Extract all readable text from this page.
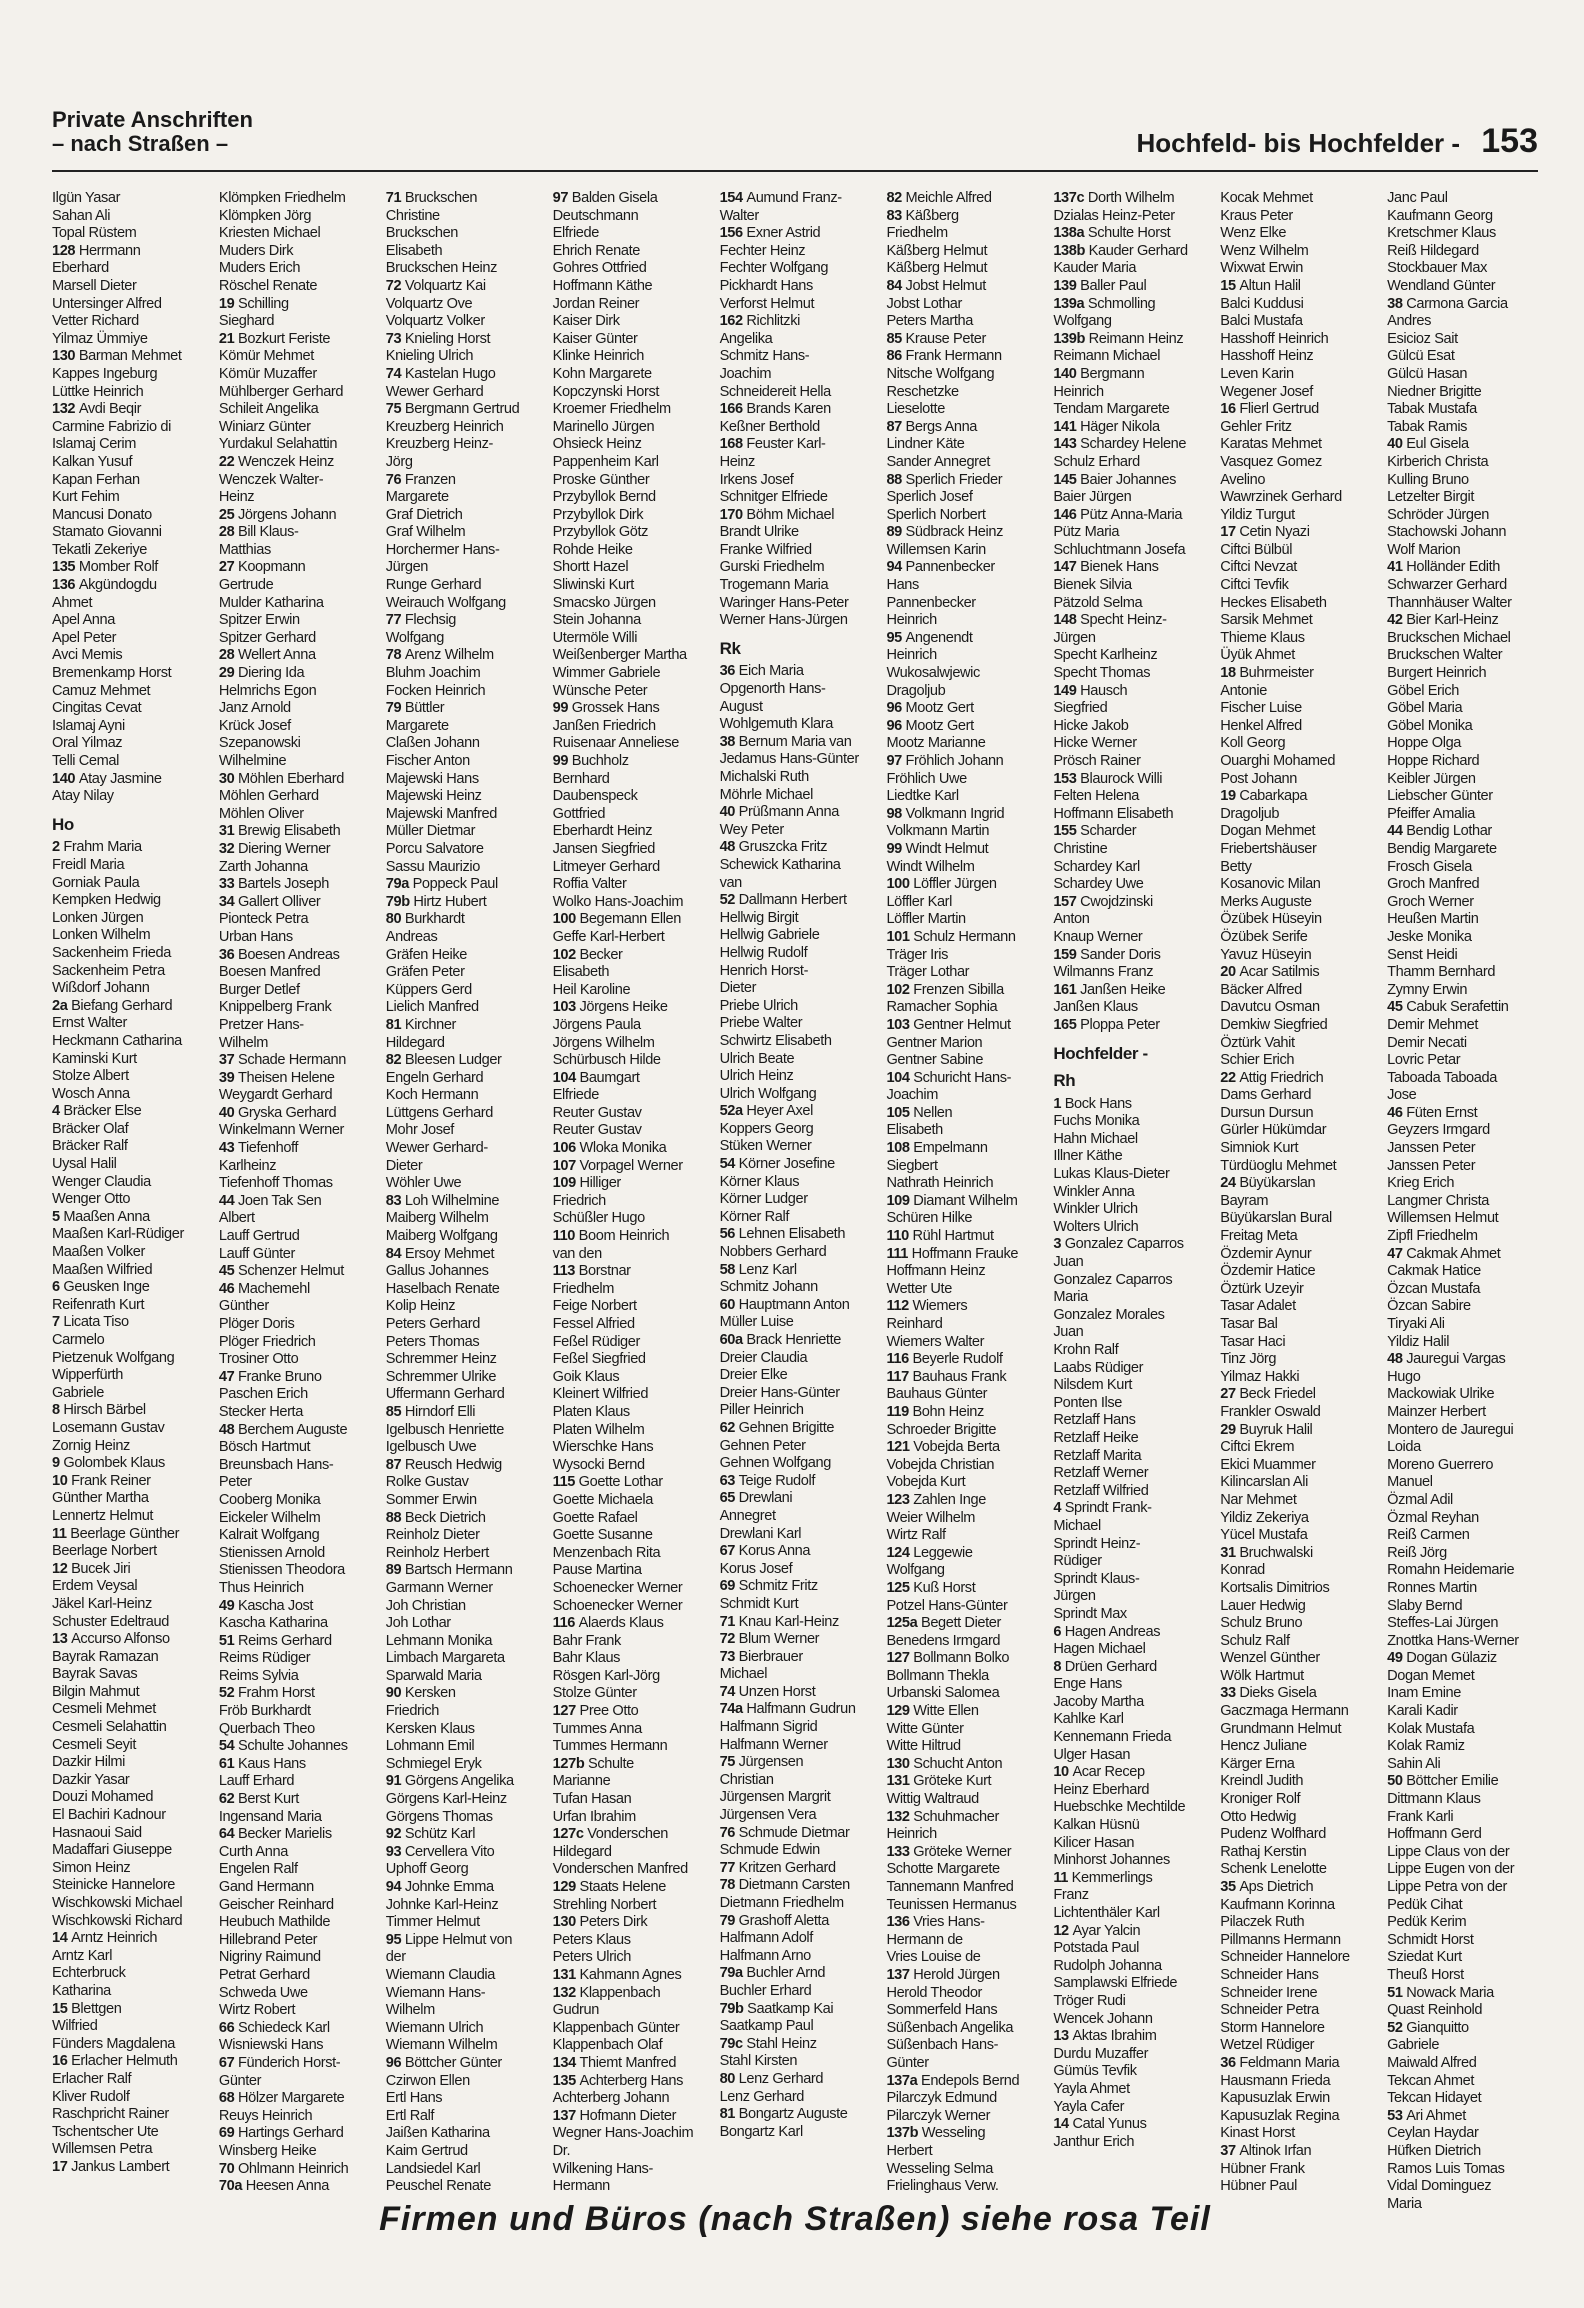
Private Anschriften
– nach Straßen –	Hochfeld- bis Hochfelder - 153
Ilgün Yasar
Sahan Ali
Topal Rüstem
128 Herrmann
Eberhard
Marsell Dieter
Untersinger Alfred
Vetter Richard
Yilmaz Ümmiye
130 Barman Mehmet
Kappes Ingeburg
Lüttke Heinrich
132 Avdi Beqir
Carmine Fabrizio di
Islamaj Cerim
Kalkan Yusuf
Kapan Ferhan
Kurt Fehim
Mancusi Donato
Stamato Giovanni
Tekatli Zekeriye
135 Momber Rolf
136 Akgündogdu
Ahmet
Apel Anna
Apel Peter
Avci Memis
Bremenkamp Horst
Camuz Mehmet
Cingitas Cevat
Islamaj Ayni
Oral Yilmaz
Telli Cemal
140 Atay Jasmine
Atay Nilay
Ho
2 Frahm Maria
Freidl Maria
Gorniak Paula
Kempken Hedwig
Lonken Jürgen
Lonken Wilhelm
Sackenheim Frieda
Sackenheim Petra
Wißdorf Johann
2a Biefang Gerhard
Ernst Walter
Heckmann Catharina
Kaminski Kurt
Stolze Albert
Wosch Anna
4 Bräcker Else
Bräcker Olaf
Bräcker Ralf
Uysal Halil
Wenger Claudia
Wenger Otto
5 Maaßen Anna
Maaßen Karl-Rüdiger
Maaßen Volker
Maaßen Wilfried
6 Geusken Inge
Reifenrath Kurt
7 Licata Tiso
Carmelo
Pietzenuk Wolfgang
Wipperfürth
Gabriele
8 Hirsch Bärbel
Losemann Gustav
Zornig Heinz
9 Golombek Klaus
10 Frank Reiner
Günther Martha
Lennertz Helmut
11 Beerlage Günther
Beerlage Norbert
12 Bucek Jiri
Erdem Veysal
Jäkel Karl-Heinz
Schuster Edeltraud
13 Accurso Alfonso
Bayrak Ramazan
Bayrak Savas
Bilgin Mahmut
Cesmeli Mehmet
Cesmeli Selahattin
Cesmeli Seyit
Dazkir Hilmi
Dazkir Yasar
Douzi Mohamed
El Bachiri Kadnour
Hasnaoui Said
Madaffari Giuseppe
Simon Heinz
Steinicke Hannelore
Wischkowski Michael
Wischkowski Richard
14 Arntz Heinrich
Arntz Karl
Echterbruck
Katharina
15 Blettgen
Wilfried
Fünders Magdalena
16 Erlacher Helmuth
Erlacher Ralf
Kliver Rudolf
Raschpricht Rainer
Tschentscher Ute
Willemsen Petra
17 Jankus Lambert
Klömpken Friedhelm
Klömpken Jörg
Kriesten Michael
Muders Dirk
Muders Erich
Röschel Renate
19 Schilling
Sieghard
21 Bozkurt Feriste
Kömür Mehmet
Kömür Muzaffer
Mühlberger Gerhard
Schileit Angelika
Winiarz Günter
Yurdakul Selahattin
22 Wenczek Heinz
Wenczek Walter-
Heinz
25 Jörgens Johann
28 Bill Klaus-
Matthias
27 Koopmann
Gertrude
Mulder Katharina
Spitzer Erwin
Spitzer Gerhard
28 Wellert Anna
29 Diering Ida
Helmrichs Egon
Janz Arnold
Krück Josef
Szepanowski
Wilhelmine
30 Möhlen Eberhard
Möhlen Gerhard
Möhlen Oliver
31 Brewig Elisabeth
32 Diering Werner
Zarth Johanna
33 Bartels Joseph
34 Gallert Olliver
Pionteck Petra
Urban Hans
36 Boesen Andreas
Boesen Manfred
Burger Detlef
Knippelberg Frank
Pretzer Hans-
Wilhelm
37 Schade Hermann
39 Theisen Helene
Weygardt Gerhard
40 Gryska Gerhard
Winkelmann Werner
43 Tiefenhoff
Karlheinz
Tiefenhoff Thomas
44 Joen Tak Sen
Albert
Lauff Gertrud
Lauff Günter
45 Schenzer Helmut
46 Machemehl
Günther
Plöger Doris
Plöger Friedrich
Trosiner Otto
47 Franke Bruno
Paschen Erich
Stecker Herta
48 Berchem Auguste
Bösch Hartmut
Breunsbach Hans-
Peter
Cooberg Monika
Eickeler Wilhelm
Kalrait Wolfgang
Stienissen Arnold
Stienissen Theodora
Thus Heinrich
49 Kascha Jost
Kascha Katharina
51 Reims Gerhard
Reims Rüdiger
Reims Sylvia
52 Frahm Horst
Fröb Burkhardt
Querbach Theo
54 Schulte Johannes
61 Kaus Hans
Lauff Erhard
62 Berst Kurt
Ingensand Maria
64 Becker Marielis
Curth Anna
Engelen Ralf
Gand Hermann
Geischer Reinhard
Heubuch Mathilde
Hillebrand Peter
Nigriny Raimund
Petrat Gerhard
Schweda Uwe
Wirtz Robert
66 Schiedeck Karl
Wisniewski Hans
67 Fünderich Horst-
Günter
68 Hölzer Margarete
Reuys Heinrich
69 Hartings Gerhard
Winsberg Heike
70 Ohlmann Heinrich
70a Heesen Anna
71 Bruckschen
Christine
Bruckschen
Elisabeth
Bruckschen Heinz
72 Volquartz Kai
Volquartz Ove
Volquartz Volker
73 Knieling Horst
Knieling Ulrich
74 Kastelan Hugo
Wewer Gerhard
75 Bergmann Gertrud
Kreuzberg Heinrich
Kreuzberg Heinz-
Jörg
76 Franzen
Margarete
Graf Dietrich
Graf Wilhelm
Horchermer Hans-
Jürgen
Runge Gerhard
Weirauch Wolfgang
77 Flechsig
Wolfgang
78 Arenz Wilhelm
Bluhm Joachim
Focken Heinrich
79 Büttler
Margarete
Claßen Johann
Fischer Anton
Majewski Hans
Majewski Heinz
Majewski Manfred
Müller Dietmar
Porcu Salvatore
Sassu Maurizio
79a Poppeck Paul
79b Hirtz Hubert
80 Burkhardt
Andreas
Gräfen Heike
Gräfen Peter
Küppers Gerd
Lielich Manfred
81 Kirchner
Hildegard
82 Bleesen Ludger
Engeln Gerhard
Koch Hermann
Lüttgens Gerhard
Mohr Josef
Wewer Gerhard-
Dieter
Wöhler Uwe
83 Loh Wilhelmine
Maiberg Wilhelm
Maiberg Wolfgang
84 Ersoy Mehmet
Gallus Johannes
Haselbach Renate
Kolip Heinz
Peters Gerhard
Peters Thomas
Schremmer Heinz
Schremmer Ulrike
Uffermann Gerhard
85 Hirndorf Elli
Igelbusch Henriette
Igelbusch Uwe
87 Reusch Hedwig
Rolke Gustav
Sommer Erwin
88 Beck Dietrich
Reinholz Dieter
Reinholz Herbert
89 Bartsch Hermann
Garmann Werner
Joh Christian
Joh Lothar
Lehmann Monika
Limbach Margareta
Sparwald Maria
90 Kersken
Friedrich
Kersken Klaus
Lohmann Emil
Schmiegel Eryk
91 Görgens Angelika
Görgens Karl-Heinz
Görgens Thomas
92 Schütz Karl
93 Cervellera Vito
Uphoff Georg
94 Johnke Emma
Johnke Karl-Heinz
Timmer Helmut
95 Lippe Helmut von
der
Wiemann Claudia
Wiemann Hans-
Wilhelm
Wiemann Ulrich
Wiemann Wilhelm
96 Böttcher Günter
Czirwon Ellen
Ertl Hans
Ertl Ralf
Jaißen Katharina
Kaim Gertrud
Landsiedel Karl
Peuschel Renate
97 Balden Gisela
Deutschmann
Elfriede
Ehrich Renate
Gohres Ottfried
Hoffmann Käthe
Jordan Reiner
Kaiser Dirk
Kaiser Günter
Klinke Heinrich
Kohn Margarete
Kopczynski Horst
Kroemer Friedhelm
Marinello Jürgen
Ohsieck Heinz
Pappenheim Karl
Proske Günther
Przybyllok Bernd
Przybyllok Dirk
Przybyllok Götz
Rohde Heike
Shortt Hazel
Sliwinski Kurt
Smacsko Jürgen
Stein Johanna
Utermöle Willi
Weißenberger Martha
Wimmer Gabriele
Wünsche Peter
99 Grossek Hans
Janßen Friedrich
Ruisenaar Anneliese
99 Buchholz
Bernhard
Daubenspeck
Gottfried
Eberhardt Heinz
Jansen Siegfried
Litmeyer Gerhard
Roffia Valter
Wolko Hans-Joachim
100 Begemann Ellen
Geffe Karl-Herbert
102 Becker
Elisabeth
Heil Karoline
103 Jörgens Heike
Jörgens Paula
Jörgens Wilhelm
Schürbusch Hilde
104 Baumgart
Elfriede
Reuter Gustav
Reuter Gustav
106 Wloka Monika
107 Vorpagel Werner
109 Hilliger
Friedrich
Schüßler Hugo
110 Boom Heinrich
van den
113 Borstnar
Friedhelm
Feige Norbert
Fessel Alfried
Feßel Rüdiger
Feßel Siegfried
Goik Klaus
Kleinert Wilfried
Platen Klaus
Platen Wilhelm
Wierschke Hans
Wysocki Bernd
115 Goette Lothar
Goette Michaela
Goette Rafael
Goette Susanne
Menzenbach Rita
Pause Martina
Schoenecker Werner
Schoenecker Werner
116 Alaerds Klaus
Bahr Frank
Bahr Klaus
Rösgen Karl-Jörg
Stolze Günter
127 Pree Otto
Tummes Anna
Tummes Hermann
127b Schulte
Marianne
Tufan Hasan
Urfan Ibrahim
127c Vonderschen
Hildegard
Vonderschen Manfred
129 Staats Helene
Strehling Norbert
130 Peters Dirk
Peters Klaus
Peters Ulrich
131 Kahmann Agnes
132 Klappenbach
Gudrun
Klappenbach Günter
Klappenbach Olaf
134 Thiemt Manfred
135 Achterberg Hans
Achterberg Johann
137 Hofmann Dieter
Wegner Hans-Joachim
Dr.
Wilkening Hans-
Hermann
154 Aumund Franz-
Walter
156 Exner Astrid
Fechter Heinz
Fechter Wolfgang
Pickhardt Hans
Verforst Helmut
162 Richlitzki
Angelika
Schmitz Hans-
Joachim
Schneidereit Hella
166 Brands Karen
Keßner Berthold
168 Feuster Karl-
Heinz
Irkens Josef
Schnitger Elfriede
170 Böhm Michael
Brandt Ulrike
Franke Wilfried
Gurski Friedhelm
Trogemann Maria
Waringer Hans-Peter
Werner Hans-Jürgen
Rk
36 Eich Maria
Opgenorth Hans-
August
Wohlgemuth Klara
38 Bernum Maria van
Jedamus Hans-Günter
Michalski Ruth
Möhrle Michael
40 Prüßmann Anna
Wey Peter
48 Gruszcka Fritz
Schewick Katharina
van
52 Dallmann Herbert
Hellwig Birgit
Hellwig Gabriele
Hellwig Rudolf
Henrich Horst-
Dieter
Priebe Ulrich
Priebe Walter
Schwirtz Elisabeth
Ulrich Beate
Ulrich Heinz
Ulrich Wolfgang
52a Heyer Axel
Koppers Georg
Stüken Werner
54 Körner Josefine
Körner Klaus
Körner Ludger
Körner Ralf
56 Lehnen Elisabeth
Nobbers Gerhard
58 Lenz Karl
Schmitz Johann
60 Hauptmann Anton
Müller Luise
60a Brack Henriette
Dreier Claudia
Dreier Elke
Dreier Hans-Günter
Piller Heinrich
62 Gehnen Brigitte
Gehnen Peter
Gehnen Wolfgang
63 Teige Rudolf
65 Drewlani
Annegret
Drewlani Karl
67 Korus Anna
Korus Josef
69 Schmitz Fritz
Schmidt Kurt
71 Knau Karl-Heinz
72 Blum Werner
73 Bierbrauer
Michael
74 Unzen Horst
74a Halfmann Gudrun
Halfmann Sigrid
Halfmann Werner
75 Jürgensen
Christian
Jürgensen Margrit
Jürgensen Vera
76 Schmude Dietmar
Schmude Edwin
77 Kritzen Gerhard
78 Dietmann Carsten
Dietmann Friedhelm
79 Grashoff Aletta
Halfmann Adolf
Halfmann Arno
79a Buchler Arnd
Buchler Erhard
79b Saatkamp Kai
Saatkamp Paul
79c Stahl Heinz
Stahl Kirsten
80 Lenz Gerhard
Lenz Gerhard
81 Bongartz Auguste
Bongartz Karl
82 Meichle Alfred
83 Käßberg
Friedhelm
Käßberg Helmut
Käßberg Helmut
84 Jobst Helmut
Jobst Lothar
Peters Martha
85 Krause Peter
86 Frank Hermann
Nitsche Wolfgang
Reschetzke
Lieselotte
87 Bergs Anna
Lindner Käte
Sander Annegret
88 Sperlich Frieder
Sperlich Josef
Sperlich Norbert
89 Südbrack Heinz
Willemsen Karin
94 Pannenbecker
Hans
Pannenbecker
Heinrich
95 Angenendt
Heinrich
Wukosalwjewic
Dragoljub
96 Mootz Gert
96 Mootz Gert
Mootz Marianne
97 Fröhlich Johann
Fröhlich Uwe
Liedtke Karl
98 Volkmann Ingrid
Volkmann Martin
99 Windt Helmut
Windt Wilhelm
100 Löffler Jürgen
Löffler Karl
Löffler Martin
101 Schulz Hermann
Träger Iris
Träger Lothar
102 Frenzen Sibilla
Ramacher Sophia
103 Gentner Helmut
Gentner Marion
Gentner Sabine
104 Schuricht Hans-
Joachim
105 Nellen
Elisabeth
108 Empelmann
Siegbert
Nathrath Heinrich
109 Diamant Wilhelm
Schüren Hilke
110 Rühl Hartmut
111 Hoffmann Frauke
Hoffmann Heinz
Wetter Ute
112 Wiemers
Reinhard
Wiemers Walter
116 Beyerle Rudolf
117 Bauhaus Frank
Bauhaus Günter
119 Bohn Heinz
Schroeder Brigitte
121 Vobejda Berta
Vobejda Christian
Vobejda Kurt
123 Zahlen Inge
Weier Wilhelm
Wirtz Ralf
124 Leggewie
Wolfgang
125 Kuß Horst
Potzel Hans-Günter
125a Begett Dieter
Benedens Irmgard
127 Bollmann Bolko
Bollmann Thekla
Urbanski Salomea
129 Witte Ellen
Witte Günter
Witte Hiltrud
130 Schucht Anton
131 Gröteke Kurt
Wittig Waltraud
132 Schuhmacher
Heinrich
133 Gröteke Werner
Schotte Margarete
Tannemann Manfred
Teunissen Hermanus
136 Vries Hans-
Hermann de
Vries Louise de
137 Herold Jürgen
Herold Theodor
Sommerfeld Hans
Süßenbach Angelika
Süßenbach Hans-
Günter
137a Endepols Bernd
Pilarczyk Edmund
Pilarczyk Werner
137b Wesseling
Herbert
Wesseling Selma
Frielinghaus Verw.
137c Dorth Wilhelm
Dzialas Heinz-Peter
138a Schulte Horst
138b Kauder Gerhard
Kauder Maria
139 Baller Paul
139a Schmolling
Wolfgang
139b Reimann Heinz
Reimann Michael
140 Bergmann
Heinrich
Tendam Margarete
141 Häger Nikola
143 Schardey Helene
Schulz Erhard
145 Baier Johannes
Baier Jürgen
146 Pütz Anna-Maria
Pütz Maria
Schluchtmann Josefa
147 Bienek Hans
Bienek Silvia
Pätzold Selma
148 Specht Heinz-
Jürgen
Specht Karlheinz
Specht Thomas
149 Hausch
Siegfried
Hicke Jakob
Hicke Werner
Prösch Rainer
153 Blaurock Willi
Felten Helena
Hoffmann Elisabeth
155 Scharder
Christine
Schardey Karl
Schardey Uwe
157 Cwojdzinski
Anton
Knaup Werner
159 Sander Doris
Wilmanns Franz
161 Janßen Heike
Janßen Klaus
165 Ploppa Peter
Hochfelder -
Rh
1 Bock Hans
Fuchs Monika
Hahn Michael
Illner Käthe
Lukas Klaus-Dieter
Winkler Anna
Winkler Ulrich
Wolters Ulrich
3 Gonzalez Caparros
Juan
Gonzalez Caparros
Maria
Gonzalez Morales
Juan
Krohn Ralf
Laabs Rüdiger
Nilsdem Kurt
Ponten Ilse
Retzlaff Hans
Retzlaff Heike
Retzlaff Marita
Retzlaff Werner
Retzlaff Wilfried
4 Sprindt Frank-
Michael
Sprindt Heinz-
Rüdiger
Sprindt Klaus-
Jürgen
Sprindt Max
6 Hagen Andreas
Hagen Michael
8 Drüen Gerhard
Enge Hans
Jacoby Martha
Kahlke Karl
Kennemann Frieda
Ulger Hasan
10 Acar Recep
Heinz Eberhard
Huebschke Mechtilde
Kalkan Hüsnü
Kilicer Hasan
Minhorst Johannes
11 Kemmerlings
Franz
Lichtenthäler Karl
12 Ayar Yalcin
Potstada Paul
Rudolph Johanna
Samplawski Elfriede
Tröger Rudi
Wencek Johann
13 Aktas Ibrahim
Durdu Muzaffer
Gümüs Tevfik
Yayla Ahmet
Yayla Cafer
14 Catal Yunus
Janthur Erich
Kocak Mehmet
Kraus Peter
Wenz Elke
Wenz Wilhelm
Wixwat Erwin
15 Altun Halil
Balci Kuddusi
Balci Mustafa
Hasshoff Heinrich
Hasshoff Heinz
Leven Karin
Wegener Josef
16 Flierl Gertrud
Gehler Fritz
Karatas Mehmet
Vasquez Gomez
Avelino
Wawrzinek Gerhard
Yildiz Turgut
17 Cetin Nyazi
Ciftci Bülbül
Ciftci Nevzat
Ciftci Tevfik
Heckes Elisabeth
Sarsik Mehmet
Thieme Klaus
Üyük Ahmet
18 Buhrmeister
Antonie
Fischer Luise
Henkel Alfred
Koll Georg
Ouarghi Mohamed
Post Johann
19 Cabarkapa
Dragoljub
Dogan Mehmet
Friebertshäuser
Betty
Kosanovic Milan
Merks Auguste
Özübek Hüseyin
Özübek Serife
Yavuz Hüseyin
20 Acar Satilmis
Bäcker Alfred
Davutcu Osman
Demkiw Siegfried
Öztürk Vahit
Schier Erich
22 Attig Friedrich
Dams Gerhard
Dursun Dursun
Gürler Hükümdar
Simniok Kurt
Türdüoglu Mehmet
24 Büyükarslan
Bayram
Büyükarslan Bural
Freitag Meta
Özdemir Aynur
Özdemir Hatice
Öztürk Uzeyir
Tasar Adalet
Tasar Bal
Tasar Haci
Tinz Jörg
Yilmaz Hakki
27 Beck Friedel
Frankler Oswald
29 Buyruk Halil
Ciftci Ekrem
Ekici Muammer
Kilincarslan Ali
Nar Mehmet
Yildiz Zekeriya
Yücel Mustafa
31 Bruchwalski
Konrad
Kortsalis Dimitrios
Lauer Hedwig
Schulz Bruno
Schulz Ralf
Wenzel Günther
Wölk Hartmut
33 Dieks Gisela
Gaczmaga Hermann
Grundmann Helmut
Hencz Juliane
Kärger Erna
Kreindl Judith
Kroniger Rolf
Otto Hedwig
Pudenz Wolfhard
Rathaj Kerstin
Schenk Lenelotte
35 Aps Dietrich
Kaufmann Korinna
Pilaczek Ruth
Pillmanns Hermann
Schneider Hannelore
Schneider Hans
Schneider Irene
Schneider Petra
Storm Hannelore
Wetzel Rüdiger
36 Feldmann Maria
Hausmann Frieda
Kapusuzlak Erwin
Kapusuzlak Regina
Kinast Horst
37 Altinok Irfan
Hübner Frank
Hübner Paul
Janc Paul
Kaufmann Georg
Kretschmer Klaus
Reiß Hildegard
Stockbauer Max
Wendland Günter
38 Carmona Garcia
Andres
Esicioz Sait
Gülcü Esat
Gülcü Hasan
Niedner Brigitte
Tabak Mustafa
Tabak Ramis
40 Eul Gisela
Kirberich Christa
Kulling Bruno
Letzelter Birgit
Schröder Jürgen
Stachowski Johann
Wolf Marion
41 Holländer Edith
Schwarzer Gerhard
Thannhäuser Walter
42 Bier Karl-Heinz
Bruckschen Michael
Bruckschen Walter
Burgert Heinrich
Göbel Erich
Göbel Maria
Göbel Monika
Hoppe Olga
Hoppe Richard
Keibler Jürgen
Liebscher Günter
Pfeiffer Amalia
44 Bendig Lothar
Bendig Margarete
Frosch Gisela
Groch Manfred
Groch Werner
Heußen Martin
Jeske Monika
Senst Heidi
Thamm Bernhard
Zymny Erwin
45 Cabuk Serafettin
Demir Mehmet
Demir Necati
Lovric Petar
Taboada Taboada
Jose
46 Füten Ernst
Geyzers Irmgard
Janssen Peter
Janssen Peter
Krieg Erich
Langmer Christa
Willemsen Helmut
Zipfl Friedhelm
47 Cakmak Ahmet
Cakmak Hatice
Özcan Mustafa
Özcan Sabire
Tiryaki Ali
Yildiz Halil
48 Jauregui Vargas
Hugo
Mackowiak Ulrike
Mainzer Herbert
Montero de Jauregui
Loida
Moreno Guerrero
Manuel
Özmal Adil
Özmal Reyhan
Reiß Carmen
Reiß Jörg
Romahn Heidemarie
Ronnes Martin
Slaby Bernd
Steffes-Lai Jürgen
Znottka Hans-Werner
49 Dogan Gülaziz
Dogan Memet
Inam Emine
Karali Kadir
Kolak Mustafa
Kolak Ramiz
Sahin Ali
50 Böttcher Emilie
Dittmann Klaus
Frank Karli
Hoffmann Gerd
Lippe Claus von der
Lippe Eugen von der
Lippe Petra von der
Pedük Cihat
Pedük Kerim
Schmidt Horst
Sziedat Kurt
Theuß Horst
51 Nowack Maria
Quast Reinhold
52 Gianquitto
Gabriele
Maiwald Alfred
Tekcan Ahmet
Tekcan Hidayet
53 Ari Ahmet
Ceylan Haydar
Hüfken Dietrich
Ramos Luis Tomas
Vidal Dominguez
Maria
Firmen und Büros (nach Straßen) siehe rosa Teil
